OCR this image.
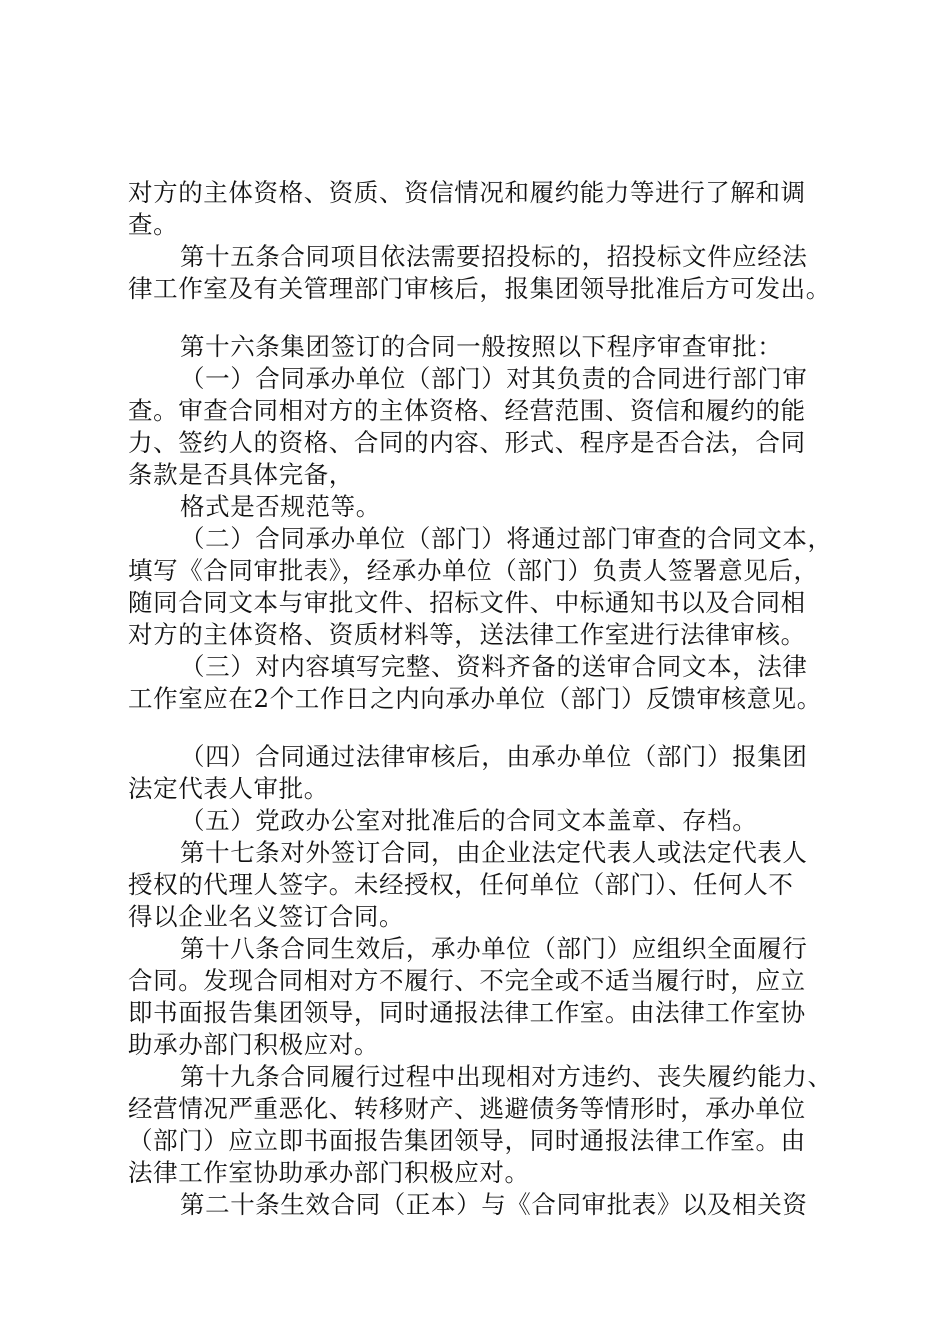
对方的主体资格、资质、资信情况和履约能力等进行了解和调
查。
第十五条合同项目依法需要招投标的，招投标文件应经法
律工作室及有关管理部门审核后，报集团领导批准后方可发出。
第十六条集团签订的合同一般按照以下程序审查审批：
（一）合同承办单位（部门）对其负责的合同进行部门审
查。审查合同相对方的主体资格、经营范围、资信和履约的能
力、签约人的资格、合同的内容、形式、程序是否合法，合同
条款是否具体完备，
格式是否规范等。
（二）合同承办单位（部门）将通过部门审查的合同文本，
填写《合同审批表》，经承办单位（部门）负责人签署意见后，
随同合同文本与审批文件、招标文件、中标通知书以及合同相
对方的主体资格、资质材料等，送法律工作室进行法律审核。
（三）对内容填写完整、资料齐备的送审合同文本，法律
工作室应在2个工作日之内向承办单位（部门）反馈审核意见。
（四）合同通过法律审核后，由承办单位（部门）报集团
法定代表人审批。
（五）党政办公室对批准后的合同文本盖章、存档。
第十七条对外签订合同，由企业法定代表人或法定代表人
授权的代理人签字。未经授权，任何单位（部门）、任何人不
得以企业名义签订合同。
第十八条合同生效后，承办单位（部门）应组织全面履行
合同。发现合同相对方不履行、不完全或不适当履行时，应立
即书面报告集团领导，同时通报法律工作室。由法律工作室协
助承办部门积极应对。
第十九条合同履行过程中出现相对方违约、丧失履约能力、
经营情况严重恶化、转移财产、逃避债务等情形时，承办单位
（部门）应立即书面报告集团领导，同时通报法律工作室。由
法律工作室协助承办部门积极应对。
第二十条生效合同（正本）与《合同审批表》以及相关资
